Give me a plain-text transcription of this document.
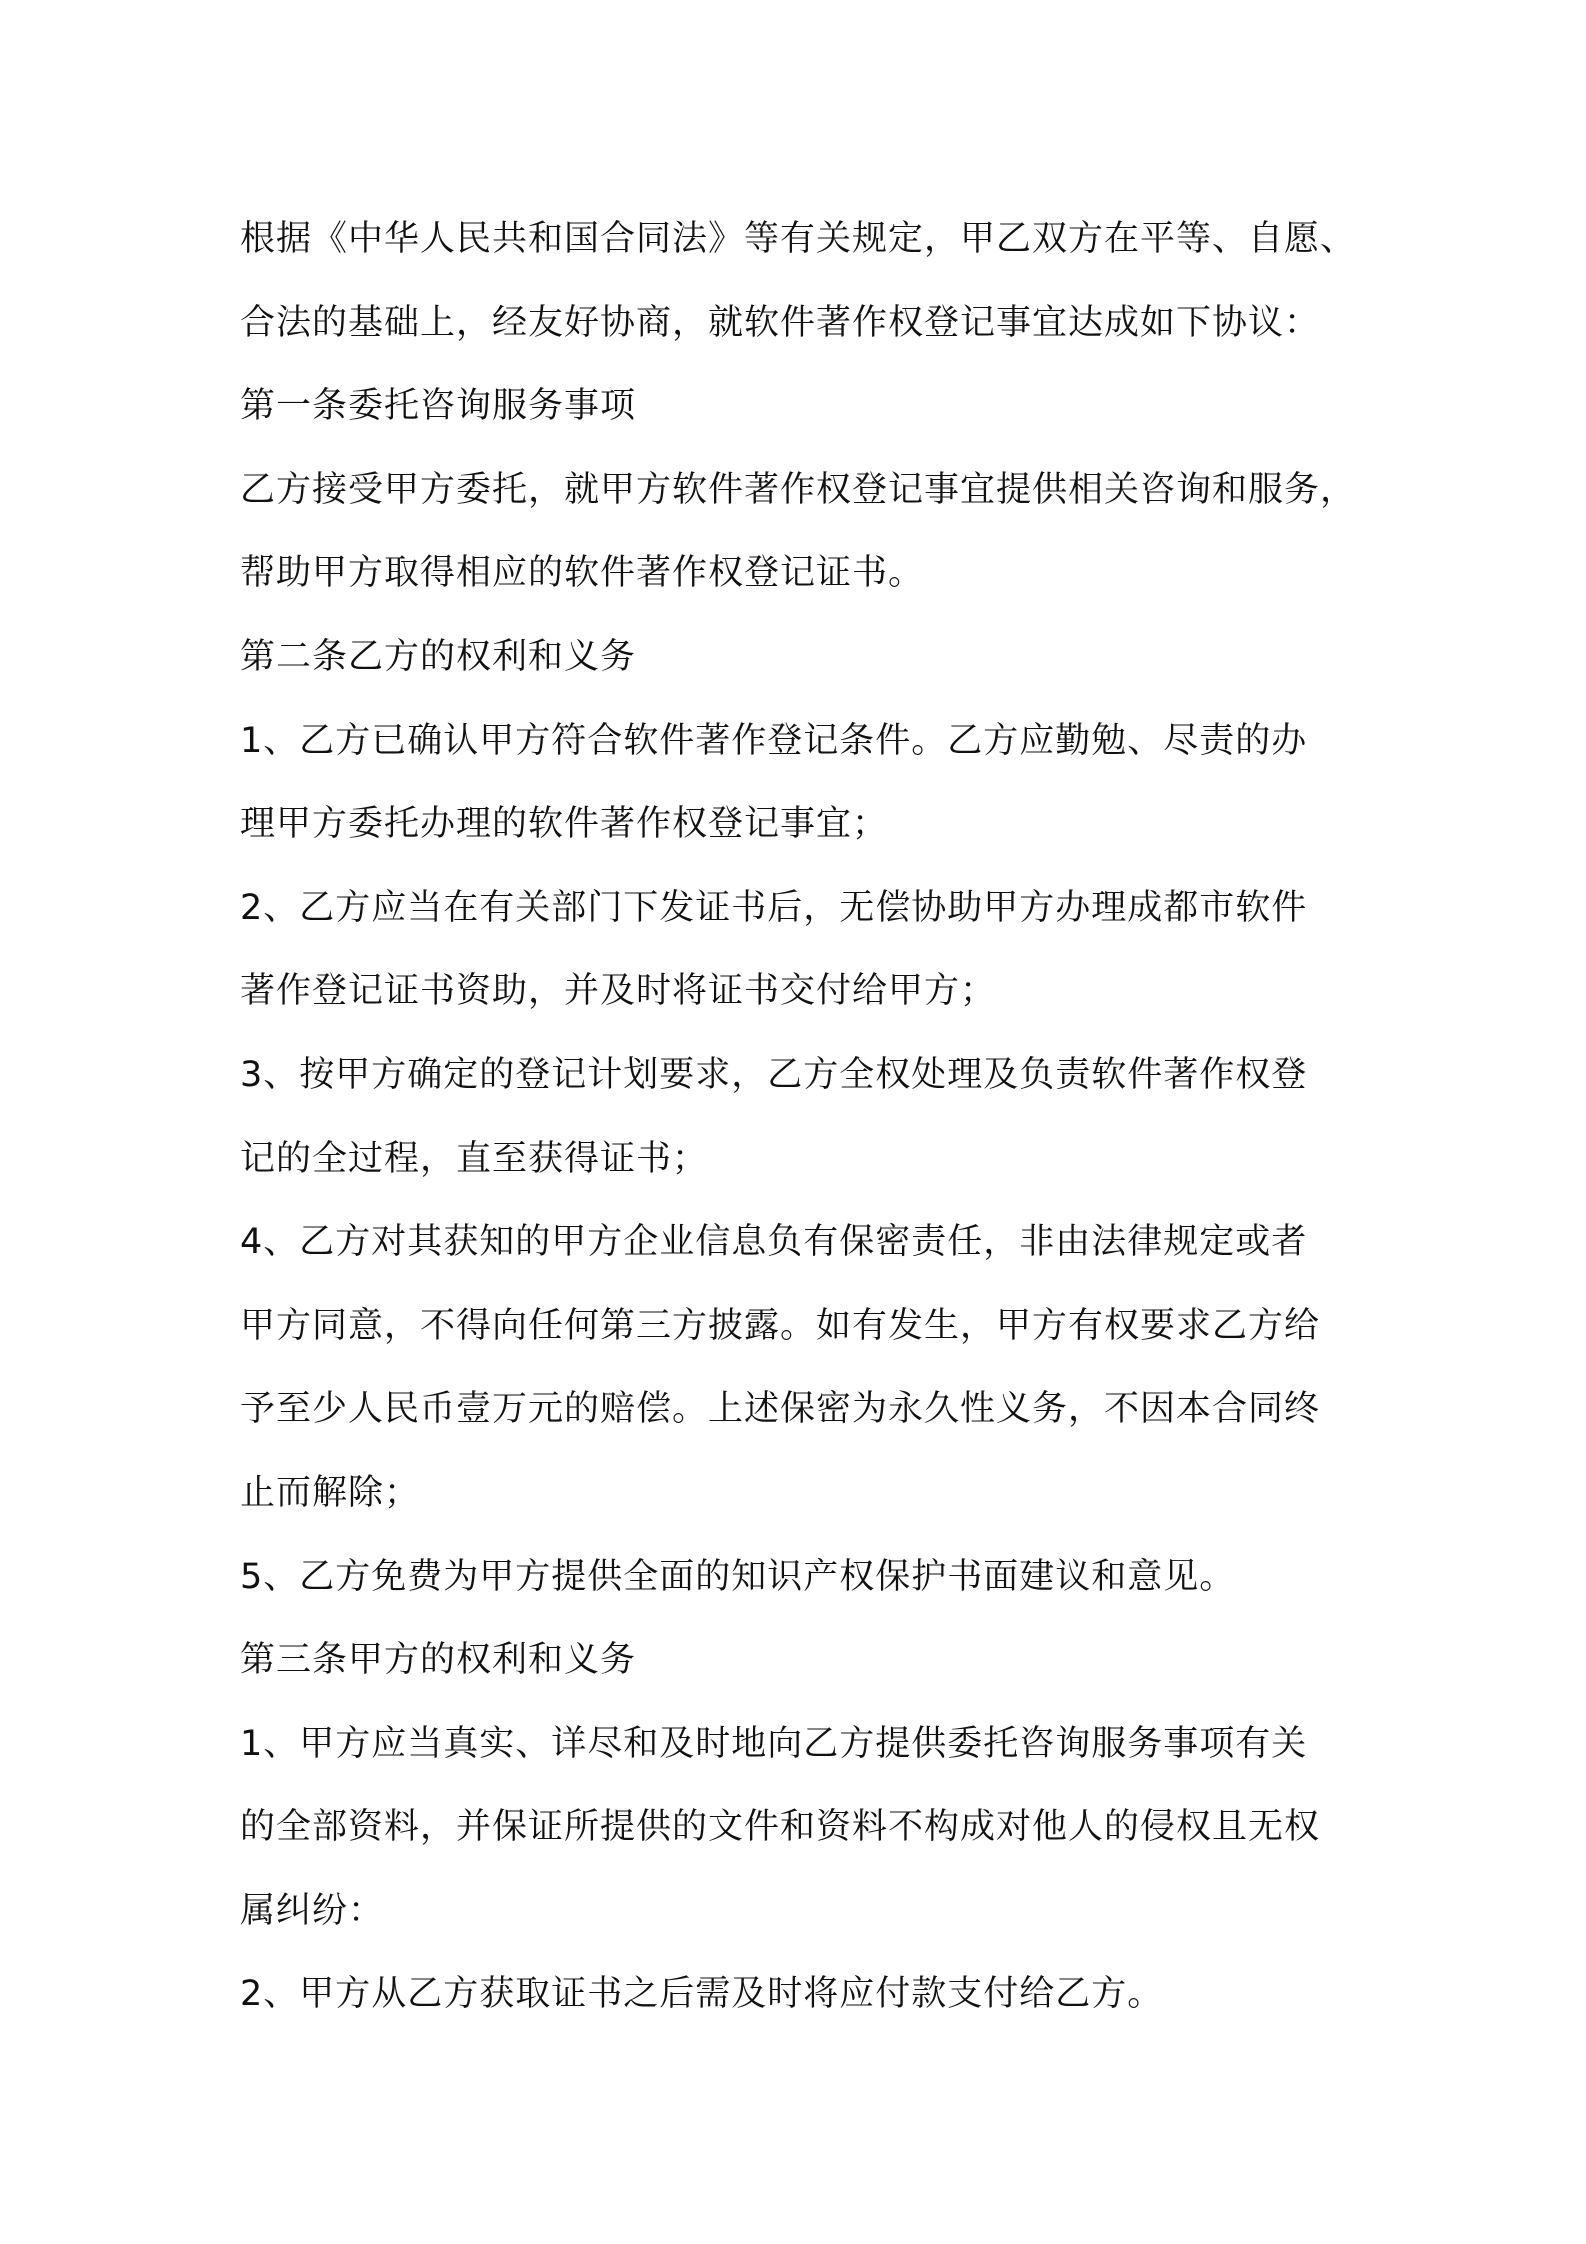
根据《中华人民共和国合同法》等有关规定，甲乙双方在平等、自愿、
合法的基础上，经友好协商，就软件著作权登记事宜达成如下协议：
第一条委托咨询服务事项
乙方接受甲方委托，就甲方软件著作权登记事宜提供相关咨询和服务，
帮助甲方取得相应的软件著作权登记证书。
第二条乙方的权利和义务
1、乙方已确认甲方符合软件著作登记条件。乙方应勤勉、尽责的办
理甲方委托办理的软件著作权登记事宜；
2、乙方应当在有关部门下发证书后，无偿协助甲方办理成都市软件
著作登记证书资助，并及时将证书交付给甲方；
3、按甲方确定的登记计划要求，乙方全权处理及负责软件著作权登
记的全过程，直至获得证书；
4、乙方对其获知的甲方企业信息负有保密责任，非由法律规定或者
甲方同意，不得向任何第三方披露。如有发生，甲方有权要求乙方给
予至少人民币壹万元的赔偿。上述保密为永久性义务，不因本合同终
止而解除；
5、乙方免费为甲方提供全面的知识产权保护书面建议和意见。
第三条甲方的权利和义务
1、甲方应当真实、详尽和及时地向乙方提供委托咨询服务事项有关
的全部资料，并保证所提供的文件和资料不构成对他人的侵权且无权
属纠纷：
2、甲方从乙方获取证书之后需及时将应付款支付给乙方。
